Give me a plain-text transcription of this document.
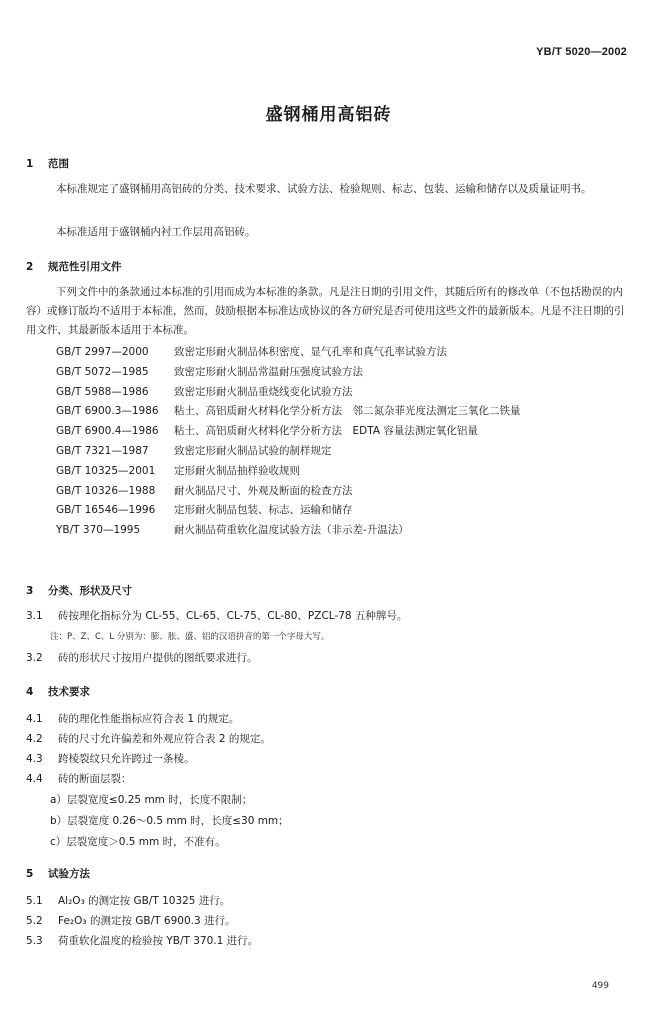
YB/T 5020—2002
盛钢桶用高铝砖
1 范围
本标准规定了盛钢桶用高铝砖的分类、技术要求、试验方法、检验规则、标志、包装、运输和储存以及质量证明书。
本标准适用于盛钢桶内衬工作层用高铝砖。
2 规范性引用文件
下列文件中的条款通过本标准的引用而成为本标准的条款。凡是注日期的引用文件，其随后所有的修改单（不包括勘误的内容）或修订版均不适用于本标准，然而，鼓励根据本标准达成协议的各方研究是否可使用这些文件的最新版本。凡是不注日期的引用文件，其最新版本适用于本标准。
GB/T 2997—2000	致密定形耐火制品体积密度、显气孔率和真气孔率试验方法
GB/T 5072—1985	致密定形耐火制品常温耐压强度试验方法
GB/T 5988—1986	致密定形耐火制品重烧线变化试验方法
GB/T 6900.3—1986	粘土、高铝质耐火材料化学分析方法　邻二氮杂菲光度法测定三氧化二铁量
GB/T 6900.4—1986	粘土、高铝质耐火材料化学分析方法　EDTA 容量法测定氧化铝量
GB/T 7321—1987	致密定形耐火制品试验的制样规定
GB/T 10325—2001	定形耐火制品抽样验收规则
GB/T 10326—1988	耐火制品尺寸、外观及断面的检查方法
GB/T 16546—1996	定形耐火制品包装、标志、运输和储存
YB/T 370—1995	耐火制品荷重软化温度试验方法（非示差-升温法）
3 分类、形状及尺寸
3.1 砖按理化指标分为 CL-55、CL-65、CL-75、CL-80、PZCL-78 五种牌号。
注：P、Z、C、L 分别为：膨、胀、盛、铝的汉语拼音的第一个字母大写。
3.2 砖的形状尺寸按用户提供的图纸要求进行。
4 技术要求
4.1 砖的理化性能指标应符合表 1 的规定。
4.2 砖的尺寸允许偏差和外观应符合表 2 的规定。
4.3 跨棱裂纹只允许跨过一条棱。
4.4 砖的断面层裂：
a）层裂宽度≤0.25 mm 时，长度不限制；
b）层裂宽度 0.26～0.5 mm 时，长度≤30 mm；
c）层裂宽度＞0.5 mm 时，不准有。
5 试验方法
5.1 Al₂O₃ 的测定按 GB/T 10325 进行。
5.2 Fe₂O₃ 的测定按 GB/T 6900.3 进行。
5.3 荷重软化温度的检验按 YB/T 370.1 进行。
499
